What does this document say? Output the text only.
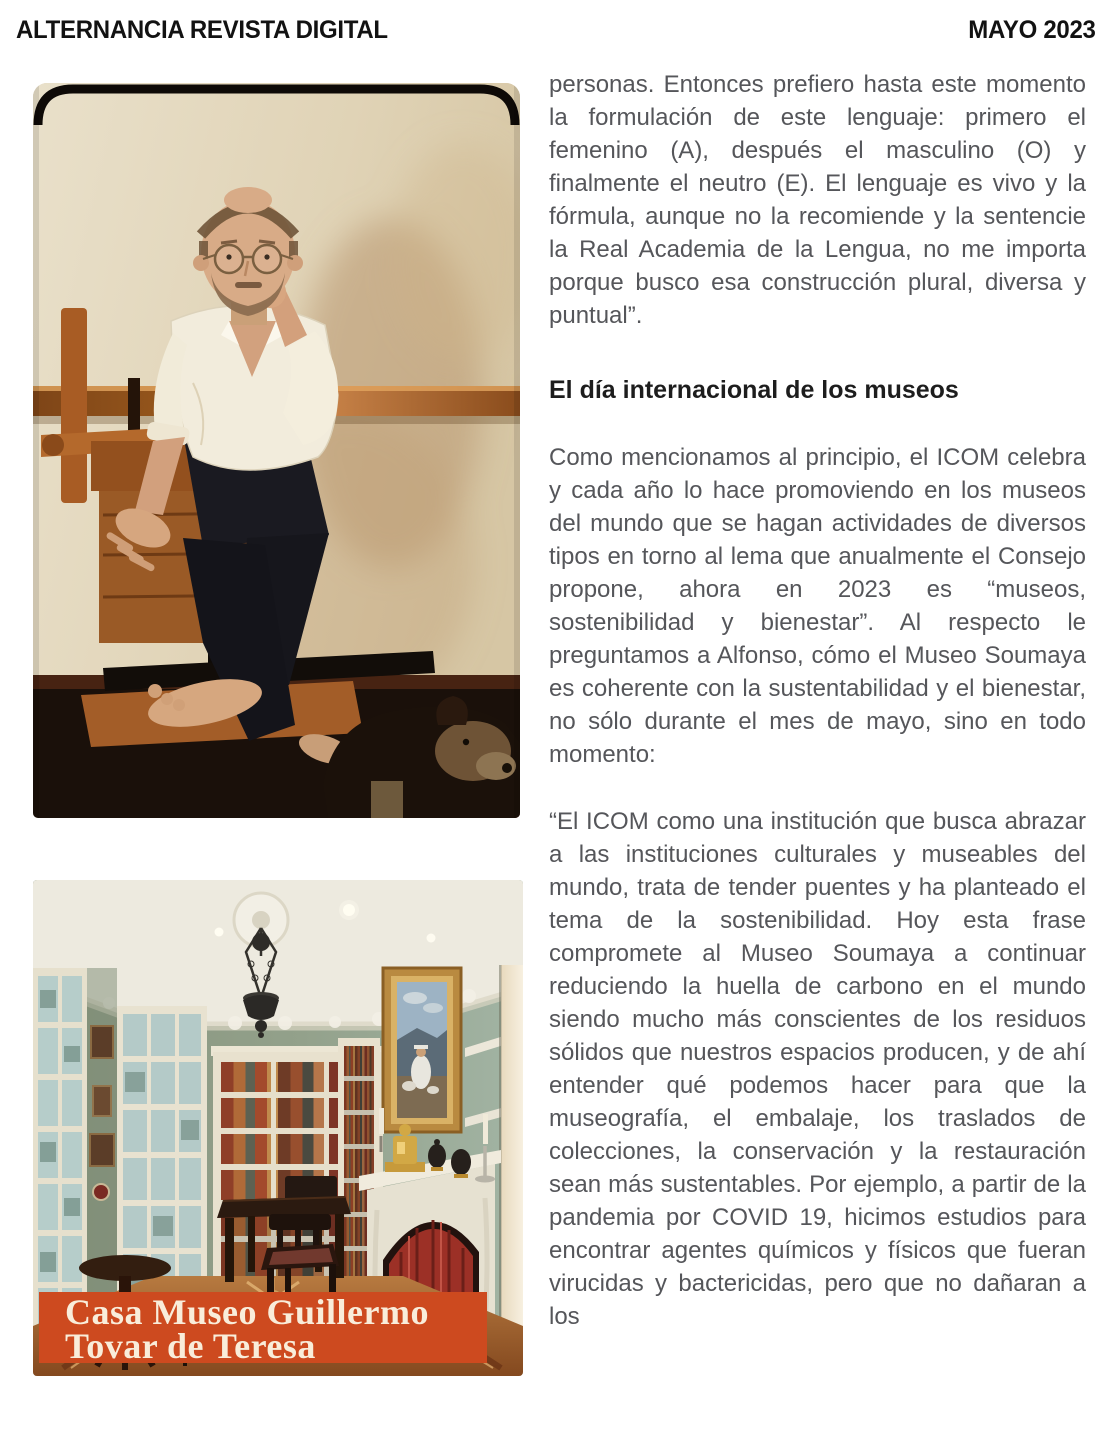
ALTERNANCIA REVISTA DIGITAL	MAYO 2023
Casa Museo Guillermo
Tovar de Teresa

personas. Entonces prefiero hasta este momento la formulación de este lenguaje: primero el femenino (A), después el masculino (O) y finalmente el neutro (E). El lenguaje es vivo y la fórmula, aunque no la recomiende y la sentencie la Real Academia de la Lengua, no me importa porque busco esa construcción plural, diversa y puntual”.

El día internacional de los museos

Como mencionamos al principio, el ICOM celebra y cada año lo hace promoviendo en los museos del mundo que se hagan actividades de diversos tipos en torno al lema que anualmente el Consejo propone, ahora en 2023 es “museos, sostenibilidad y bienestar”. Al respecto le preguntamos a Alfonso, cómo el Museo Soumaya es coherente con la sustentabilidad y el bienestar, no sólo durante el mes de mayo, sino en todo momento:

“El ICOM como una institución que busca abrazar a las instituciones culturales y museables del mundo, trata de tender puentes y ha planteado el tema de la sostenibilidad. Hoy esta frase compromete al Museo Soumaya a continuar reduciendo la huella de carbono en el mundo siendo mucho más conscientes de los residuos sólidos que nuestros espacios producen, y de ahí entender qué podemos hacer para que la museografía, el embalaje, los traslados de colecciones, la conservación y la restauración sean más sustentables. Por ejemplo, a partir de la pandemia por COVID 19, hicimos estudios para encontrar agentes químicos y físicos que fueran virucidas y bactericidas, pero que no dañaran a los
